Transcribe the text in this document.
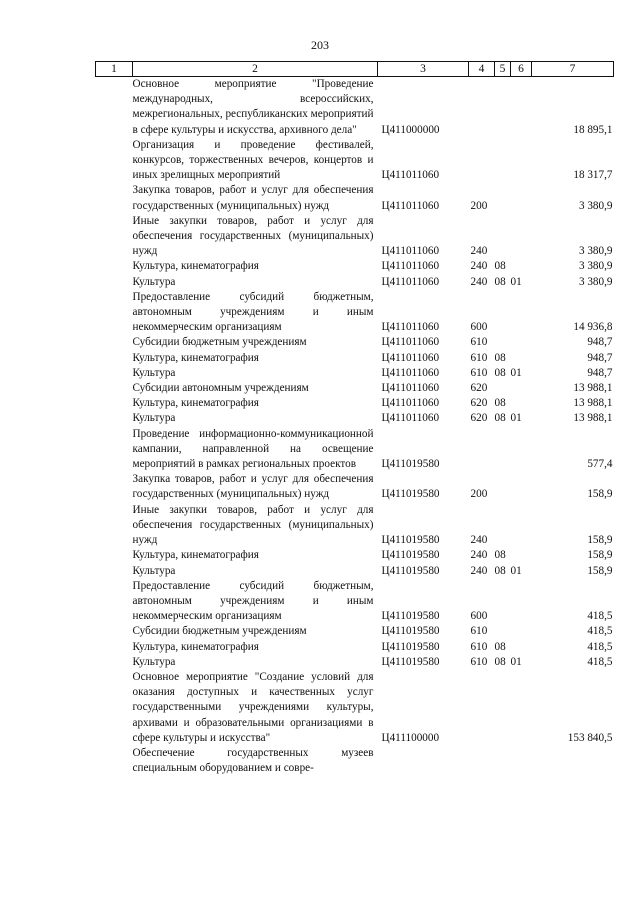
203
1	2	3	4	5	6	7
	Основное мероприятие "Проведение международных, всероссийских, межрегиональных, республиканских мероприятий в сфере культуры и искусства, архивного дела"	Ц411000000				18 895,1
	Организация и проведение фестивалей, конкурсов, торжественных вечеров, концертов и иных зрелищных мероприятий	Ц411011060				18 317,7
	Закупка товаров, работ и услуг для обеспечения государственных (муниципальных) нужд	Ц411011060	200			3 380,9
	Иные закупки товаров, работ и услуг для обеспечения государственных (муниципальных) нужд	Ц411011060	240			3 380,9
	Культура, кинематография	Ц411011060	240	08		3 380,9
	Культура	Ц411011060	240	08	01	3 380,9
	Предоставление субсидий бюджетным, автономным учреждениям и иным некоммерческим организациям	Ц411011060	600			14 936,8
	Субсидии бюджетным учреждениям	Ц411011060	610			948,7
	Культура, кинематография	Ц411011060	610	08		948,7
	Культура	Ц411011060	610	08	01	948,7
	Субсидии автономным учреждениям	Ц411011060	620			13 988,1
	Культура, кинематография	Ц411011060	620	08		13 988,1
	Культура	Ц411011060	620	08	01	13 988,1
	Проведение информационно-коммуникационной кампании, направленной на освещение мероприятий в рамках региональных проектов	Ц411019580				577,4
	Закупка товаров, работ и услуг для обеспечения государственных (муниципальных) нужд	Ц411019580	200			158,9
	Иные закупки товаров, работ и услуг для обеспечения государственных (муниципальных) нужд	Ц411019580	240			158,9
	Культура, кинематография	Ц411019580	240	08		158,9
	Культура	Ц411019580	240	08	01	158,9
	Предоставление субсидий бюджетным, автономным учреждениям и иным некоммерческим организациям	Ц411019580	600			418,5
	Субсидии бюджетным учреждениям	Ц411019580	610			418,5
	Культура, кинематография	Ц411019580	610	08		418,5
	Культура	Ц411019580	610	08	01	418,5
	Основное мероприятие "Создание условий для оказания доступных и качественных услуг государственными учреждениями культуры, архивами и образовательными организациями в сфере культуры и искусства"	Ц411100000				153 840,5
	Обеспечение государственных музеев специальным оборудованием и совре-					
